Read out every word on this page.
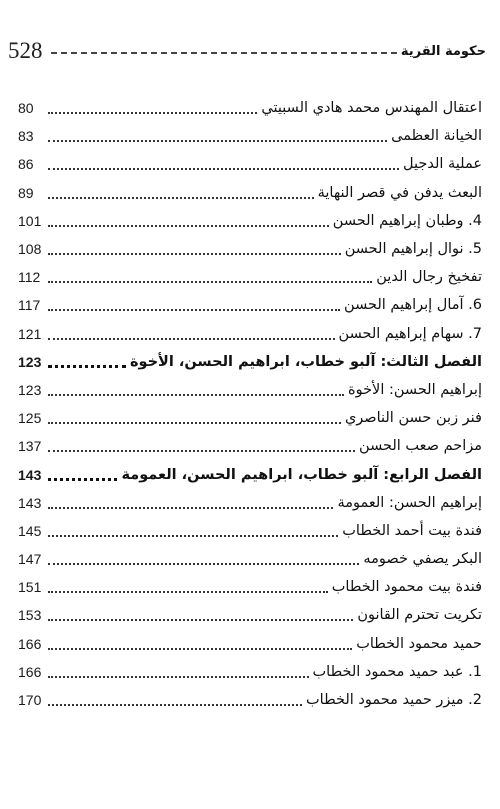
528	حكومة القرية
اعتقال المهندس محمد هادي السبيتي
80
الخيانة العظمى
83
عملية الدجيل
86
البعث يدفن في قصر النهاية
89
4. وطبان إبراهيم الحسن
101
5. نوال إبراهيم الحسن
108
تفخيخ رجال الدين
112
6. آمال إبراهيم الحسن
117
7. سهام إبراهيم الحسن
121
الفصل الثالث: آلبو خطاب، ابراهيم الحسن، الأخوة
123
إبراهيم الحسن: الأخوة
123
فنر زبن حسن الناصري
125
مزاحم صعب الحسن
137
الفصل الرابع: آلبو خطاب، ابراهيم الحسن، العمومة
143
إبراهيم الحسن: العمومة
143
فندة بيت أحمد الخطاب
145
البكر يصفي خصومه
147
فندة بيت محمود الخطاب
151
تكريت تحترم القانون
153
حميد محمود الخطاب
166
1. عبد حميد محمود الخطاب
166
2. ميزر حميد محمود الخطاب
170
